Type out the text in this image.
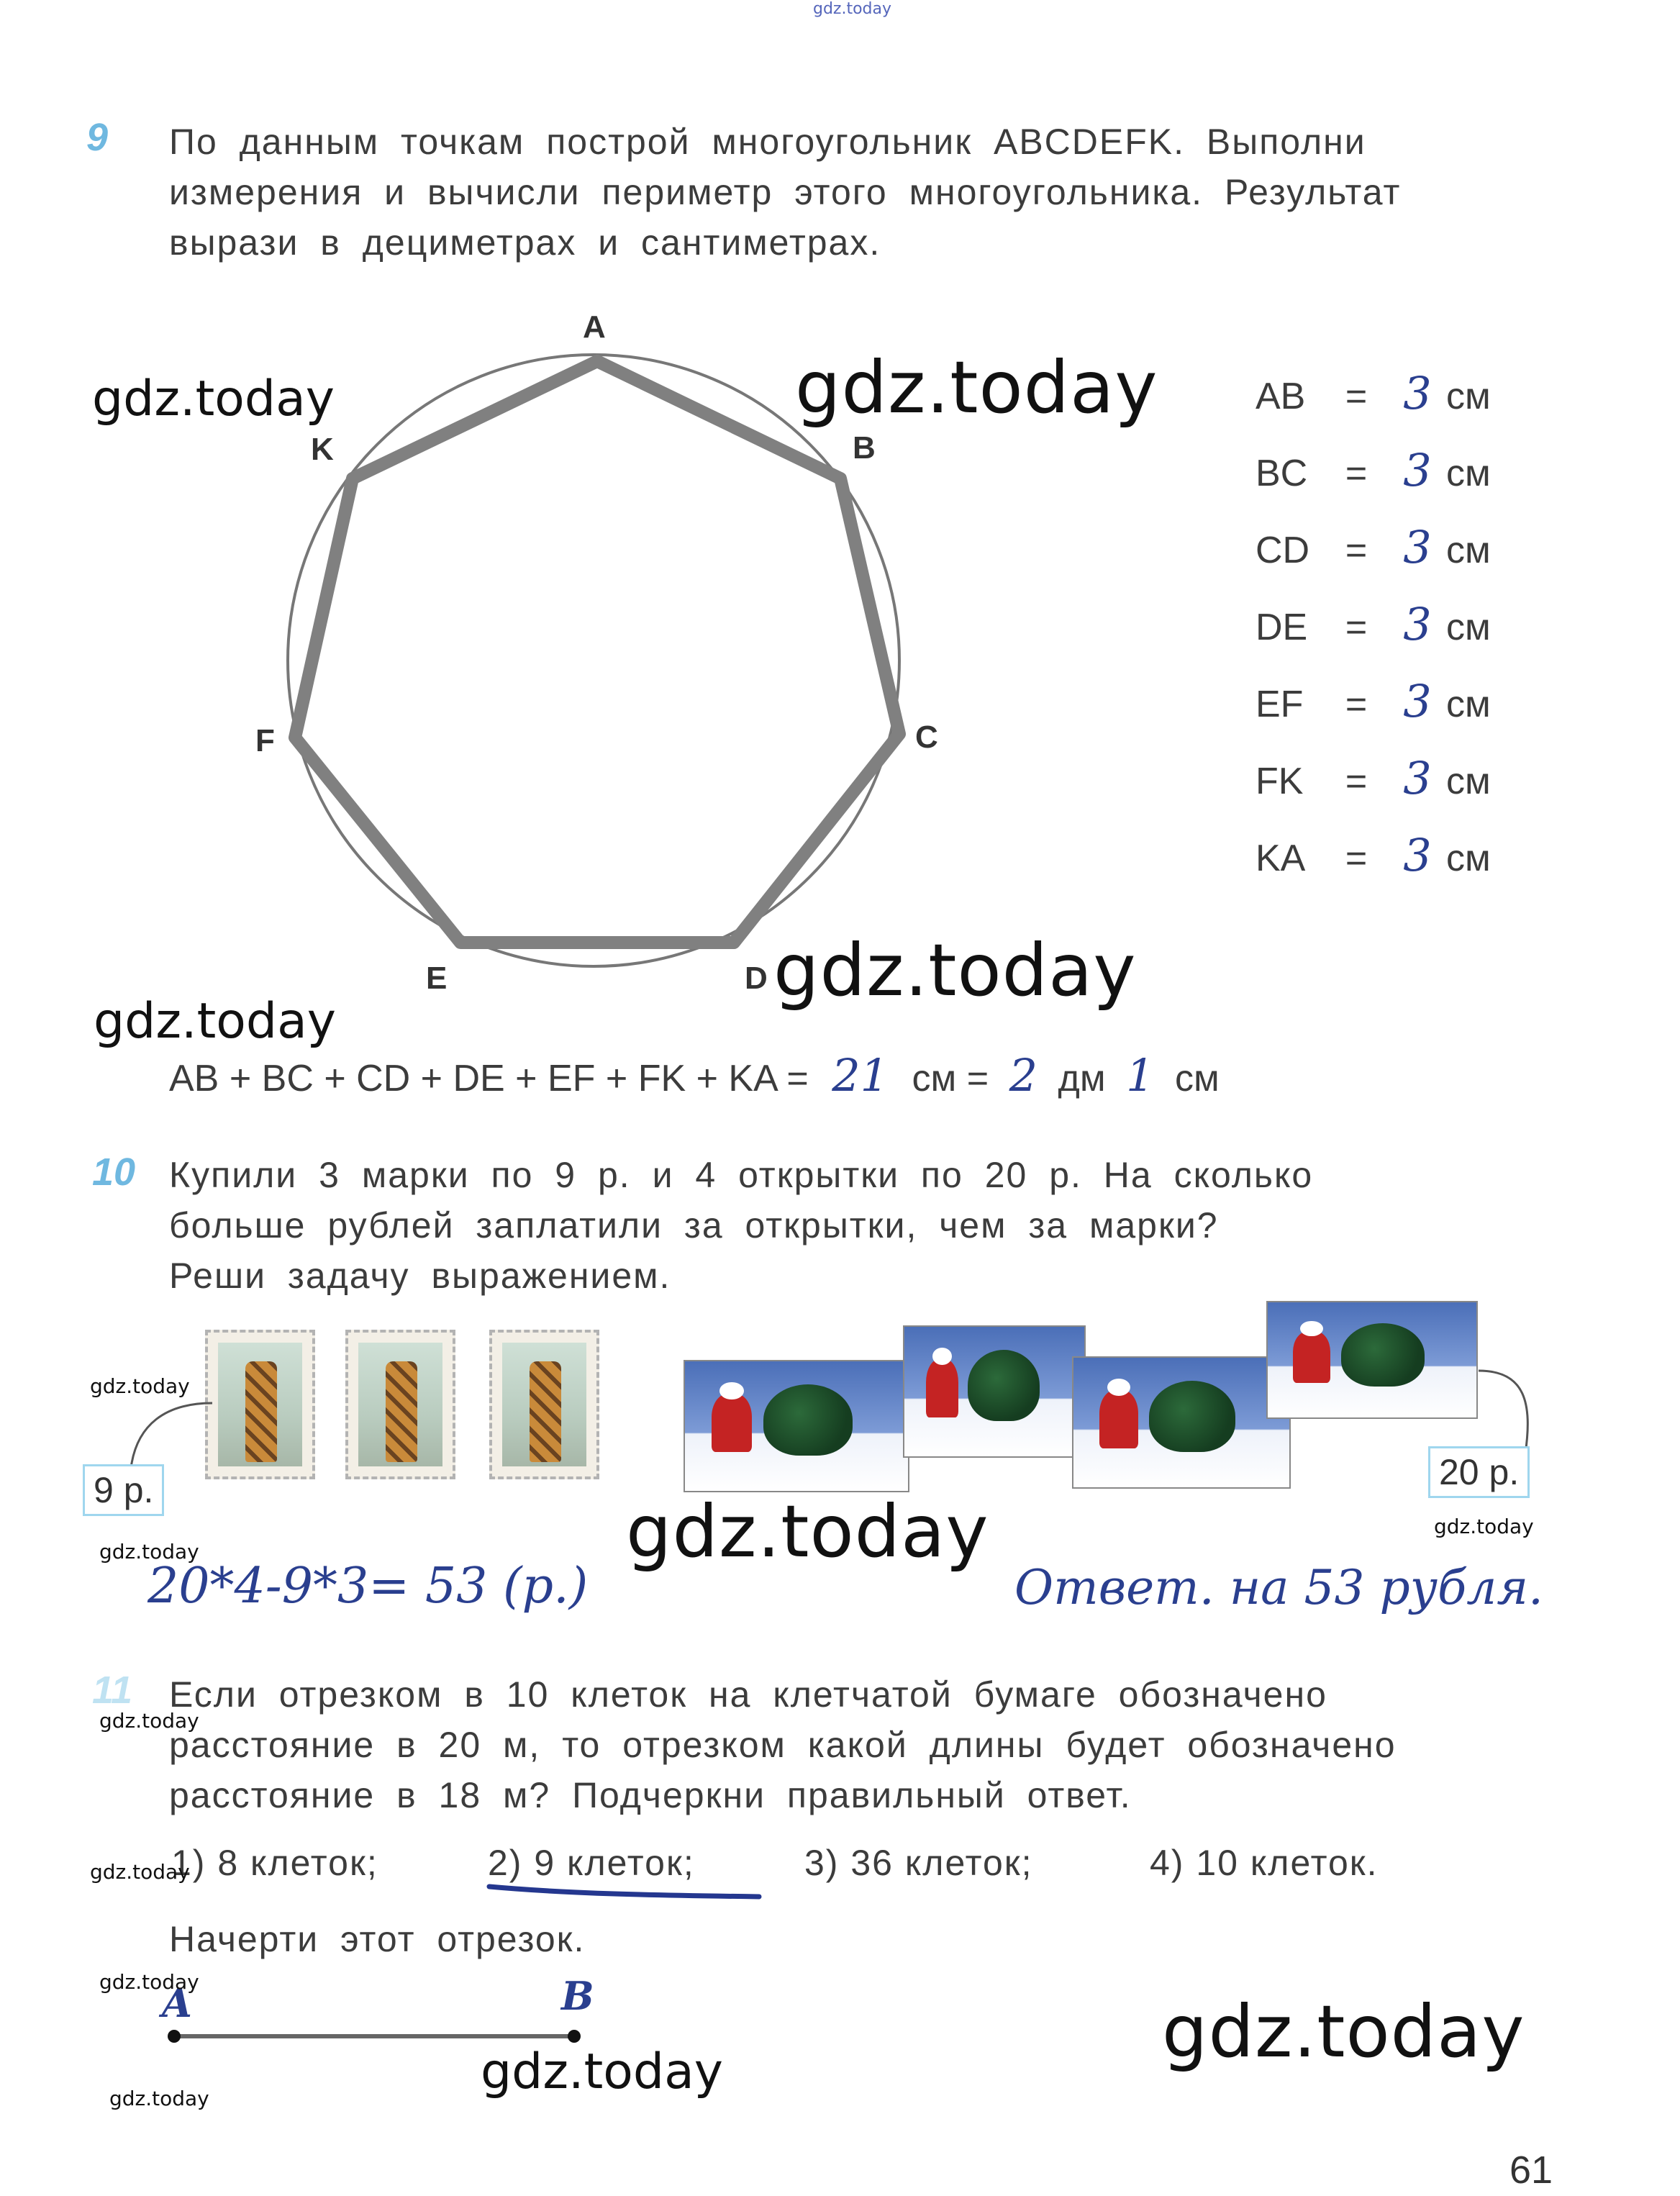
gdz.today
9 По данным точкам построй многоугольник ABCDEFK. Выполни
измерения и вычисли периметр этого многоугольника. Результат
вырази в дециметрах и сантиметрах.
A
B
C
D
E
F
K
AB = 3 см
BC = 3 см
CD = 3 см
DE = 3 см
EF = 3 см
FK = 3 см
KA = 3 см
AB + BC + CD + DE + EF + FK + KA = 21 см = 2 дм 1 см
10 Купили 3 марки по 9 р. и 4 открытки по 20 р. На сколько
больше рублей заплатили за открытки, чем за марки?
Реши задачу выражением.
9 р.	20 р.
20*4-9*3= 53 (р.)	Ответ. на 53 рубля.
11 Если отрезком в 10 клеток на клетчатой бумаге обозначено
расстояние в 20 м, то отрезком какой длины будет обозначено
расстояние в 18 м? Подчеркни правильный ответ.
1) 8 клеток;	2) 9 клеток;	3) 36 клеток;	4) 10 клеток.
Начерти этот отрезок.
A	B
61
gdz.today	gdz.today
gdz.today
gdz.today
gdz.today
gdz.today
gdz.today
gdz.today
gdz.today
gdz.today
gdz.today
gdz.today
gdz.today
gdz.today
